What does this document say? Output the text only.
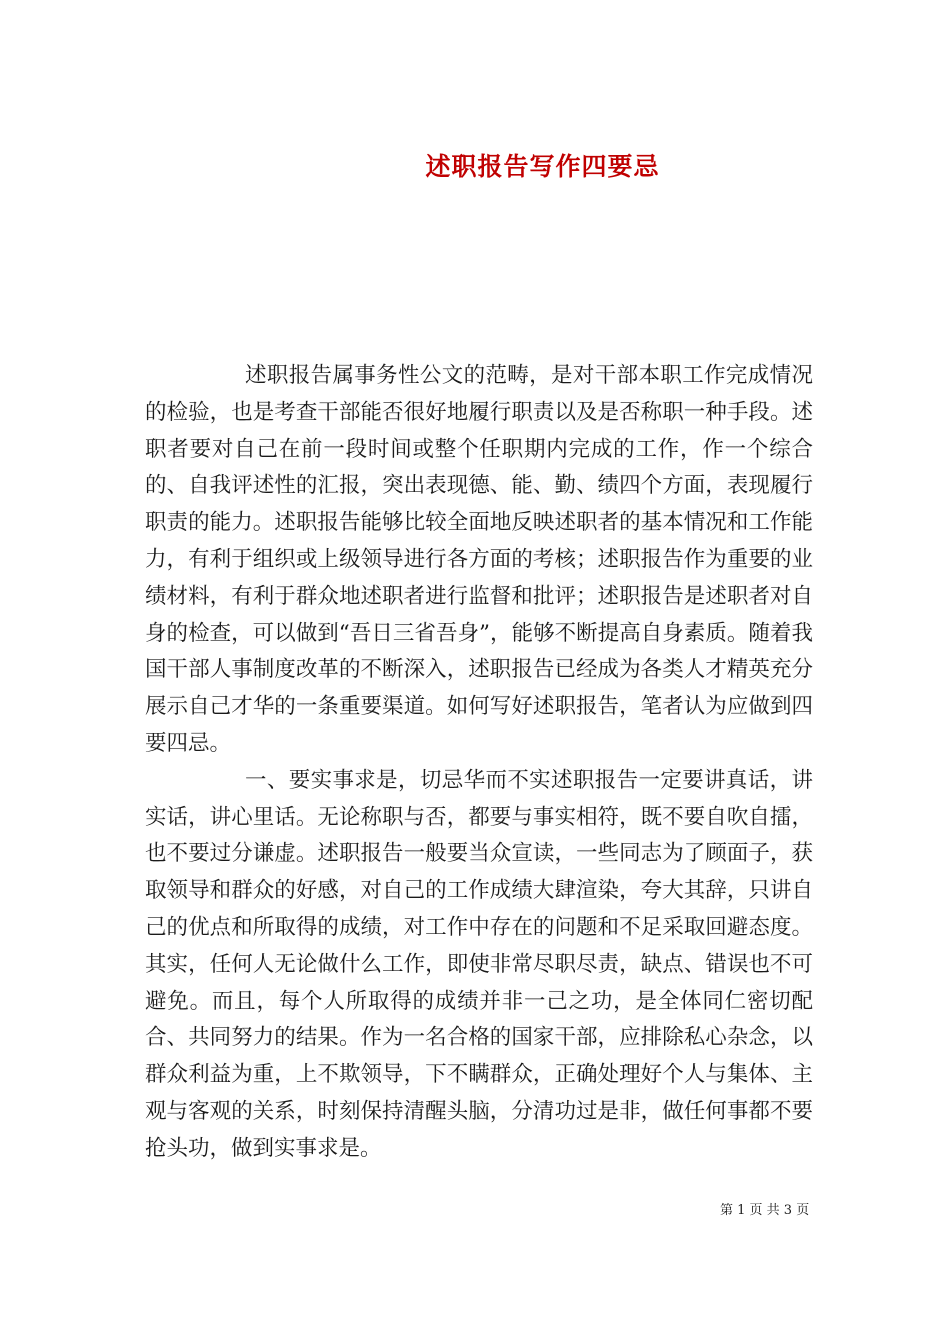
述职报告写作四要忌

述职报告属事务性公文的范畴，是对干部本职工作完成情况的检验，也是考查干部能否很好地履行职责以及是否称职一种手段。述职者要对自己在前一段时间或整个任职期内完成的工作，作一个综合的、自我评述性的汇报，突出表现德、能、勤、绩四个方面，表现履行职责的能力。述职报告能够比较全面地反映述职者的基本情况和工作能力，有利于组织或上级领导进行各方面的考核；述职报告作为重要的业绩材料，有利于群众地述职者进行监督和批评；述职报告是述职者对自身的检查，可以做到“吾日三省吾身”，能够不断提高自身素质。随着我国干部人事制度改革的不断深入，述职报告已经成为各类人才精英充分展示自己才华的一条重要渠道。如何写好述职报告，笔者认为应做到四要四忌。

一、要实事求是，切忌华而不实述职报告一定要讲真话，讲实话，讲心里话。无论称职与否，都要与事实相符，既不要自吹自擂，也不要过分谦虚。述职报告一般要当众宣读，一些同志为了顾面子，获取领导和群众的好感，对自己的工作成绩大肆渲染，夸大其辞，只讲自己的优点和所取得的成绩，对工作中存在的问题和不足采取回避态度。其实，任何人无论做什么工作，即使非常尽职尽责，缺点、错误也不可避免。而且，每个人所取得的成绩并非一己之功，是全体同仁密切配合、共同努力的结果。作为一名合格的国家干部，应排除私心杂念，以群众利益为重，上不欺领导，下不瞒群众，正确处理好个人与集体、主观与客观的关系，时刻保持清醒头脑，分清功过是非，做任何事都不要抢头功，做到实事求是。

第 1 页 共 3 页
